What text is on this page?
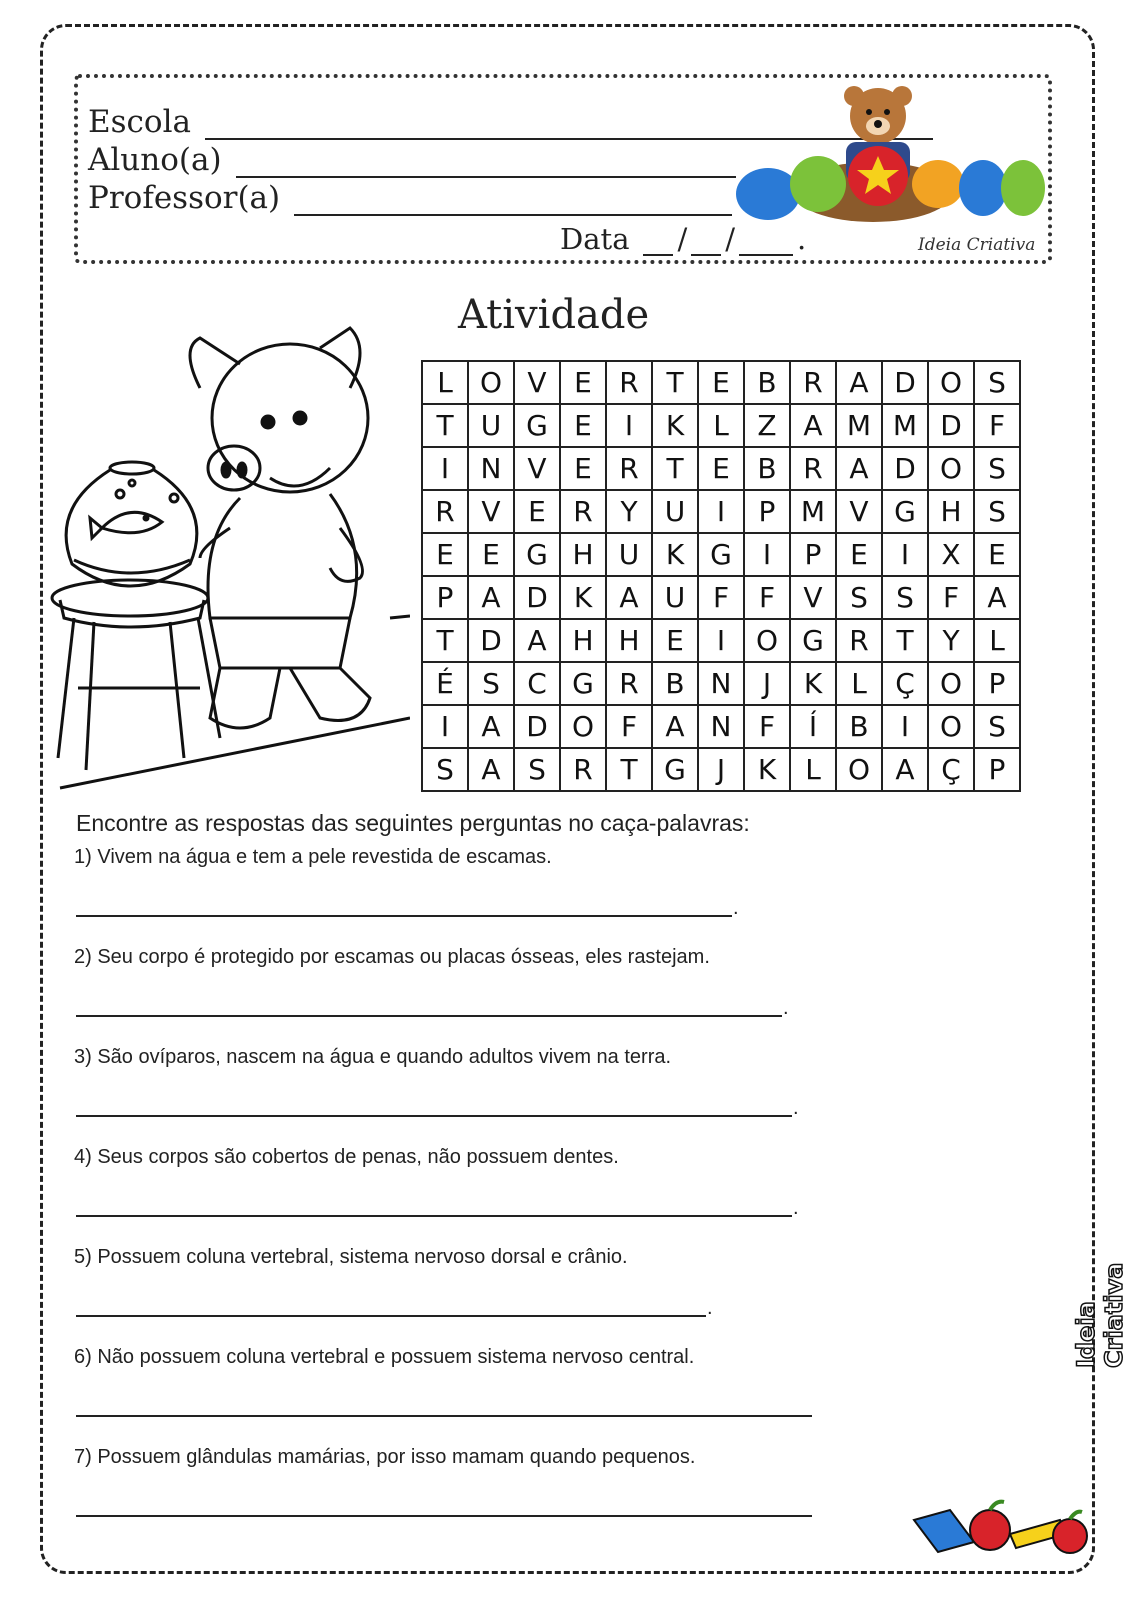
Escola
Aluno(a)
Professor(a)
Data / / .	Ideia Criativa
Atividade
L	O	V	E	R	T	E	B	R	A	D	O	S
T	U	G	E	I	K	L	Z	A	M	M	D	F
I	N	V	E	R	T	E	B	R	A	D	O	S
R	V	E	R	Y	U	I	P	M	V	G	H	S
E	E	G	H	U	K	G	I	P	E	I	X	E
P	A	D	K	A	U	F	F	V	S	S	F	A
T	D	A	H	H	E	I	O	G	R	T	Y	L
É	S	C	G	R	B	N	J	K	L	Ç	O	P
I	A	D	O	F	A	N	F	Í	B	I	O	S
S	A	S	R	T	G	J	K	L	O	A	Ç	P
Encontre as respostas das seguintes perguntas no caça-palavras:
1) Vivem na água e tem a pele revestida de escamas.
.
2) Seu corpo é protegido por escamas ou placas ósseas, eles rastejam.
.
3) São ovíparos, nascem na água e quando adultos vivem na terra.
.
4) Seus corpos são cobertos de penas, não possuem dentes.
.
5) Possuem coluna vertebral, sistema nervoso dorsal e crânio.
.
6) Não possuem coluna vertebral e possuem sistema nervoso central.
7) Possuem glândulas mamárias, por isso mamam quando pequenos.
Ideia Criativa
